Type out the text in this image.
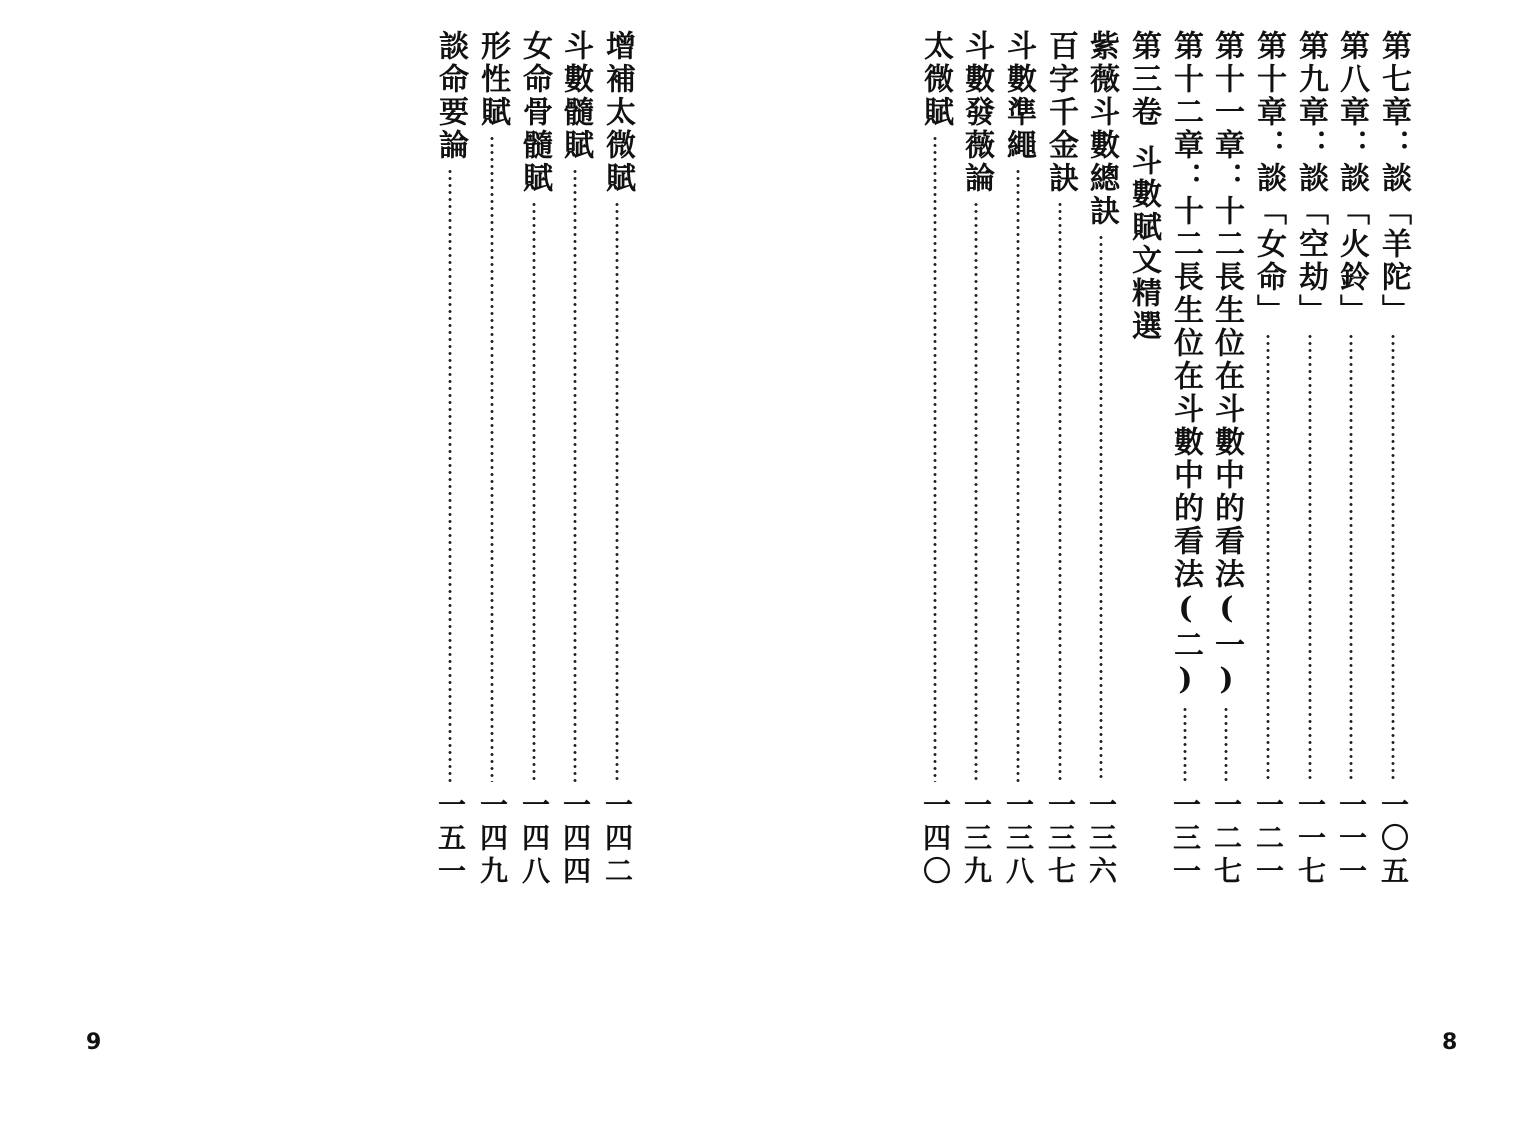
增補太微賦
一四二
斗數髓賦
一四四
女命骨髓賦
一四八
形性賦
一四九
談命要論
一五一
9
第七章：談「羊陀」
一〇五
第八章：談「火鈴」
一一一
第九章：談「空劫」
一一七
第十章：談「女命」
一二一
第十一章：十二長生位在斗數中的看法(一)
一二七
第十二章：十二長生位在斗數中的看法(二)
一三一
第三卷斗數賦文精選
紫薇斗數總訣
一三六
百字千金訣
一三七
斗數準繩
一三八
斗數發薇論
一三九
太微賦
一四〇
8
